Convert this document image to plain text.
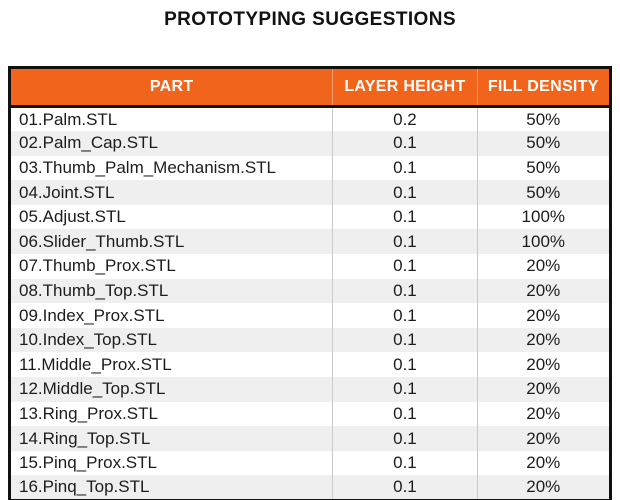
PROTOTYPING SUGGESTIONS
PART	LAYER HEIGHT	FILL DENSITY
01.Palm.STL	0.2	50%
02.Palm_Cap.STL	0.1	50%
03.Thumb_Palm_Mechanism.STL	0.1	50%
04.Joint.STL	0.1	50%
05.Adjust.STL	0.1	100%
06.Slider_Thumb.STL	0.1	100%
07.Thumb_Prox.STL	0.1	20%
08.Thumb_Top.STL	0.1	20%
09.Index_Prox.STL	0.1	20%
10.Index_Top.STL	0.1	20%
11.Middle_Prox.STL	0.1	20%
12.Middle_Top.STL	0.1	20%
13.Ring_Prox.STL	0.1	20%
14.Ring_Top.STL	0.1	20%
15.Pinq_Prox.STL	0.1	20%
16.Pinq_Top.STL	0.1	20%
